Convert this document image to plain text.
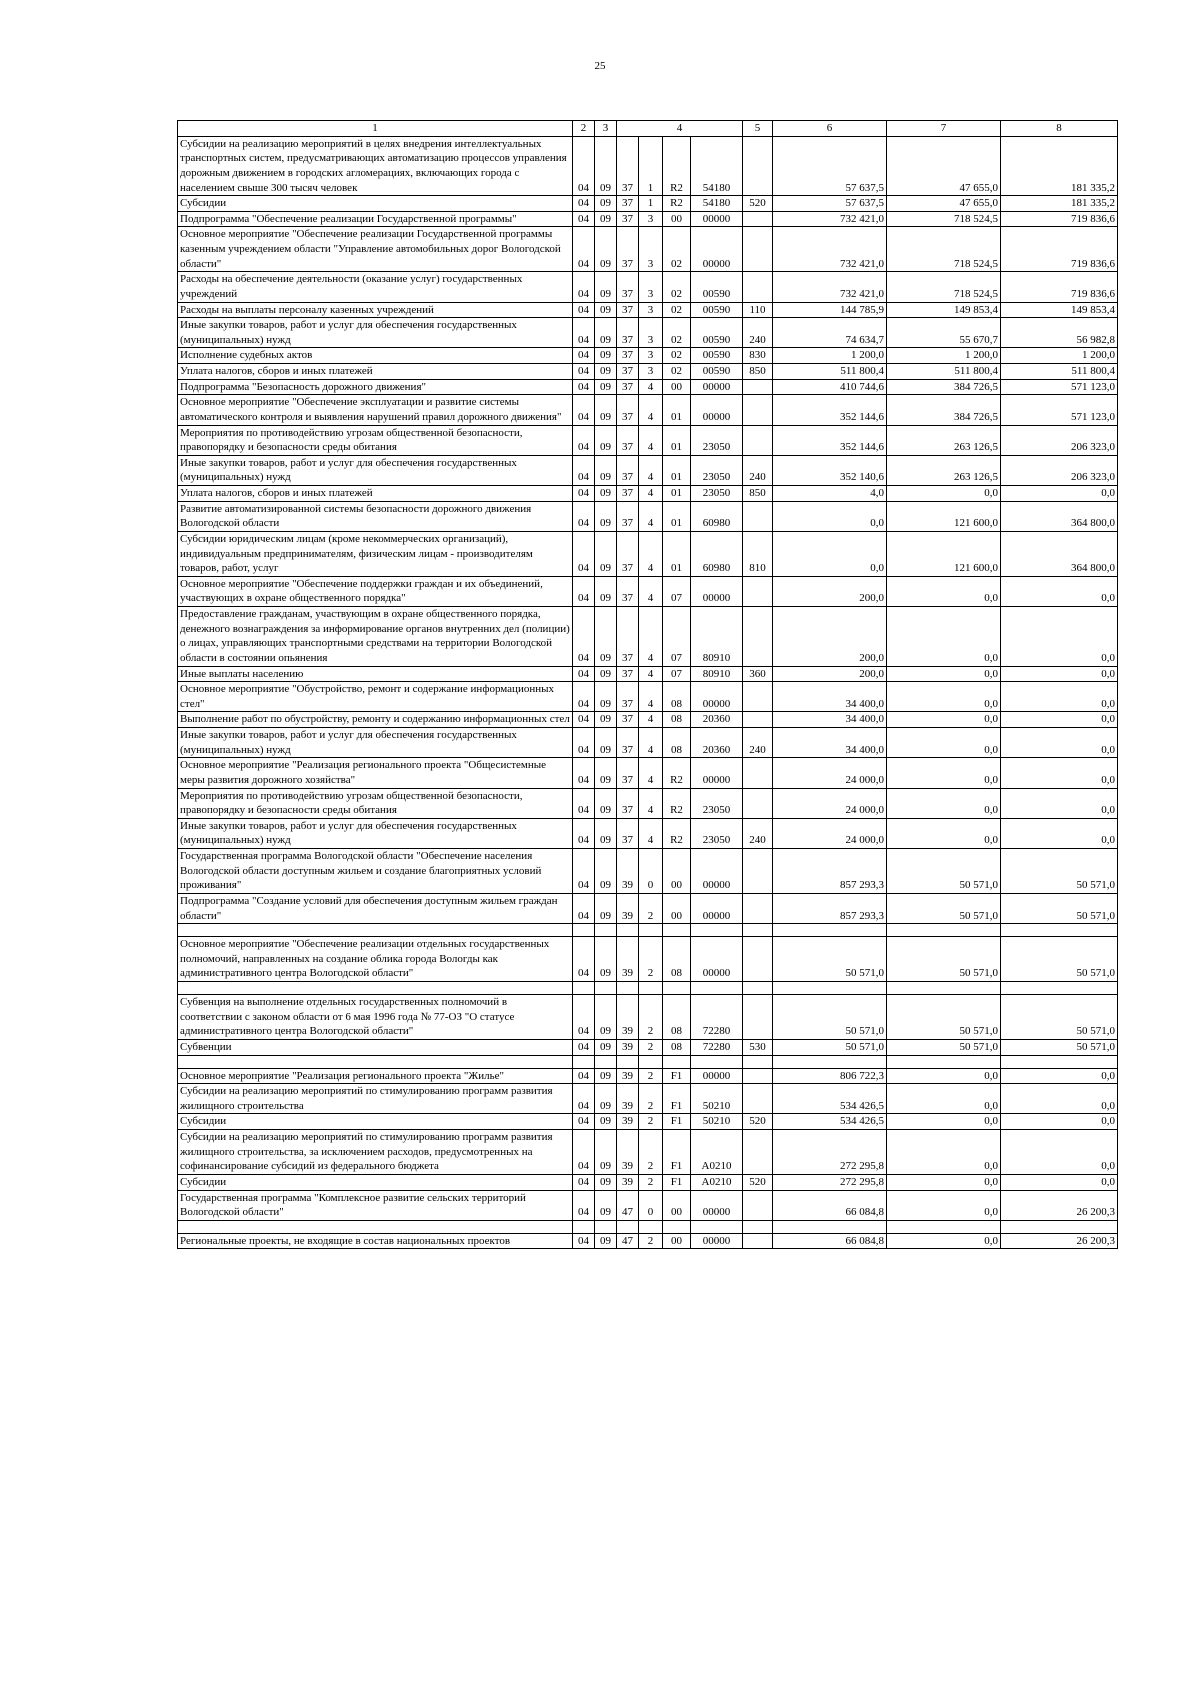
25
1	2	3	4				5	6	7	8
Субсидии на реализацию мероприятий в целях внедрения интеллектуальных транспортных систем, предусматривающих автоматизацию процессов управления дорожным движением в городских агломерациях, включающих города с населением свыше 300 тысяч человек	04	09	37	1	R2	54180		57 637,5	47 655,0	181 335,2
Субсидии	04	09	37	1	R2	54180	520	57 637,5	47 655,0	181 335,2
Подпрограмма "Обеспечение реализации Государственной программы"	04	09	37	3	00	00000		732 421,0	718 524,5	719 836,6
Основное мероприятие "Обеспечение реализации Государственной программы казенным учреждением области "Управление автомобильных дорог Вологодской области"	04	09	37	3	02	00000		732 421,0	718 524,5	719 836,6
Расходы на обеспечение деятельности (оказание услуг) государственных учреждений	04	09	37	3	02	00590		732 421,0	718 524,5	719 836,6
Расходы на выплаты персоналу казенных учреждений	04	09	37	3	02	00590	110	144 785,9	149 853,4	149 853,4
Иные закупки товаров, работ и услуг для обеспечения государственных (муниципальных) нужд	04	09	37	3	02	00590	240	74 634,7	55 670,7	56 982,8
Исполнение судебных актов	04	09	37	3	02	00590	830	1 200,0	1 200,0	1 200,0
Уплата налогов, сборов и иных платежей	04	09	37	3	02	00590	850	511 800,4	511 800,4	511 800,4
Подпрограмма "Безопасность дорожного движения"	04	09	37	4	00	00000		410 744,6	384 726,5	571 123,0
Основное мероприятие "Обеспечение эксплуатации и развитие системы автоматического контроля и выявления нарушений правил дорожного движения"	04	09	37	4	01	00000		352 144,6	384 726,5	571 123,0
Мероприятия по противодействию угрозам общественной безопасности, правопорядку и безопасности среды обитания	04	09	37	4	01	23050		352 144,6	263 126,5	206 323,0
Иные закупки товаров, работ и услуг для обеспечения государственных (муниципальных) нужд	04	09	37	4	01	23050	240	352 140,6	263 126,5	206 323,0
Уплата налогов, сборов и иных платежей	04	09	37	4	01	23050	850	4,0	0,0	0,0
Развитие автоматизированной системы безопасности дорожного движения Вологодской области	04	09	37	4	01	60980		0,0	121 600,0	364 800,0
Субсидии юридическим лицам (кроме некоммерческих организаций), индивидуальным предпринимателям, физическим лицам - производителям товаров, работ, услуг	04	09	37	4	01	60980	810	0,0	121 600,0	364 800,0
Основное мероприятие "Обеспечение поддержки граждан и их объединений, участвующих в охране общественного порядка"	04	09	37	4	07	00000		200,0	0,0	0,0
Предоставление гражданам, участвующим в охране общественного порядка, денежного вознаграждения за информирование органов внутренних дел (полиции) о лицах, управляющих транспортными средствами на территории Вологодской области в состоянии опьянения	04	09	37	4	07	80910		200,0	0,0	0,0
Иные выплаты населению	04	09	37	4	07	80910	360	200,0	0,0	0,0
Основное мероприятие "Обустройство, ремонт и содержание информационных стел"	04	09	37	4	08	00000		34 400,0	0,0	0,0
Выполнение работ по обустройству, ремонту и содержанию информационных стел	04	09	37	4	08	20360		34 400,0	0,0	0,0
Иные закупки товаров, работ и услуг для обеспечения государственных (муниципальных) нужд	04	09	37	4	08	20360	240	34 400,0	0,0	0,0
Основное мероприятие "Реализация регионального проекта "Общесистемные меры развития дорожного хозяйства"	04	09	37	4	R2	00000		24 000,0	0,0	0,0
Мероприятия по противодействию угрозам общественной безопасности, правопорядку и безопасности среды обитания	04	09	37	4	R2	23050		24 000,0	0,0	0,0
Иные закупки товаров, работ и услуг для обеспечения государственных (муниципальных) нужд	04	09	37	4	R2	23050	240	24 000,0	0,0	0,0
Государственная программа Вологодской области "Обеспечение населения Вологодской области доступным жильем и создание благоприятных условий проживания"	04	09	39	0	00	00000		857 293,3	50 571,0	50 571,0
Подпрограмма "Создание условий для обеспечения доступным жильем граждан области"	04	09	39	2	00	00000		857 293,3	50 571,0	50 571,0

Основное мероприятие "Обеспечение реализации отдельных государственных полномочий, направленных на создание облика города Вологды как административного центра Вологодской области"	04	09	39	2	08	00000		50 571,0	50 571,0	50 571,0

Субвенция на выполнение отдельных государственных полномочий в соответствии с законом области от 6 мая 1996 года № 77-ОЗ "О статусе административного центра Вологодской области"	04	09	39	2	08	72280		50 571,0	50 571,0	50 571,0
Субвенции	04	09	39	2	08	72280	530	50 571,0	50 571,0	50 571,0

Основное мероприятие "Реализация регионального проекта "Жилье"	04	09	39	2	F1	00000		806 722,3	0,0	0,0
Субсидии на реализацию мероприятий по стимулированию программ развития жилищного строительства	04	09	39	2	F1	50210		534 426,5	0,0	0,0
Субсидии	04	09	39	2	F1	50210	520	534 426,5	0,0	0,0
Субсидии на реализацию мероприятий по стимулированию программ развития жилищного строительства, за исключением расходов, предусмотренных на софинансирование субсидий из федерального бюджета	04	09	39	2	F1	A0210		272 295,8	0,0	0,0
Субсидии	04	09	39	2	F1	A0210	520	272 295,8	0,0	0,0
Государственная программа "Комплексное развитие сельских территорий Вологодской области"	04	09	47	0	00	00000		66 084,8	0,0	26 200,3

Региональные проекты, не входящие в состав национальных проектов	04	09	47	2	00	00000		66 084,8	0,0	26 200,3
